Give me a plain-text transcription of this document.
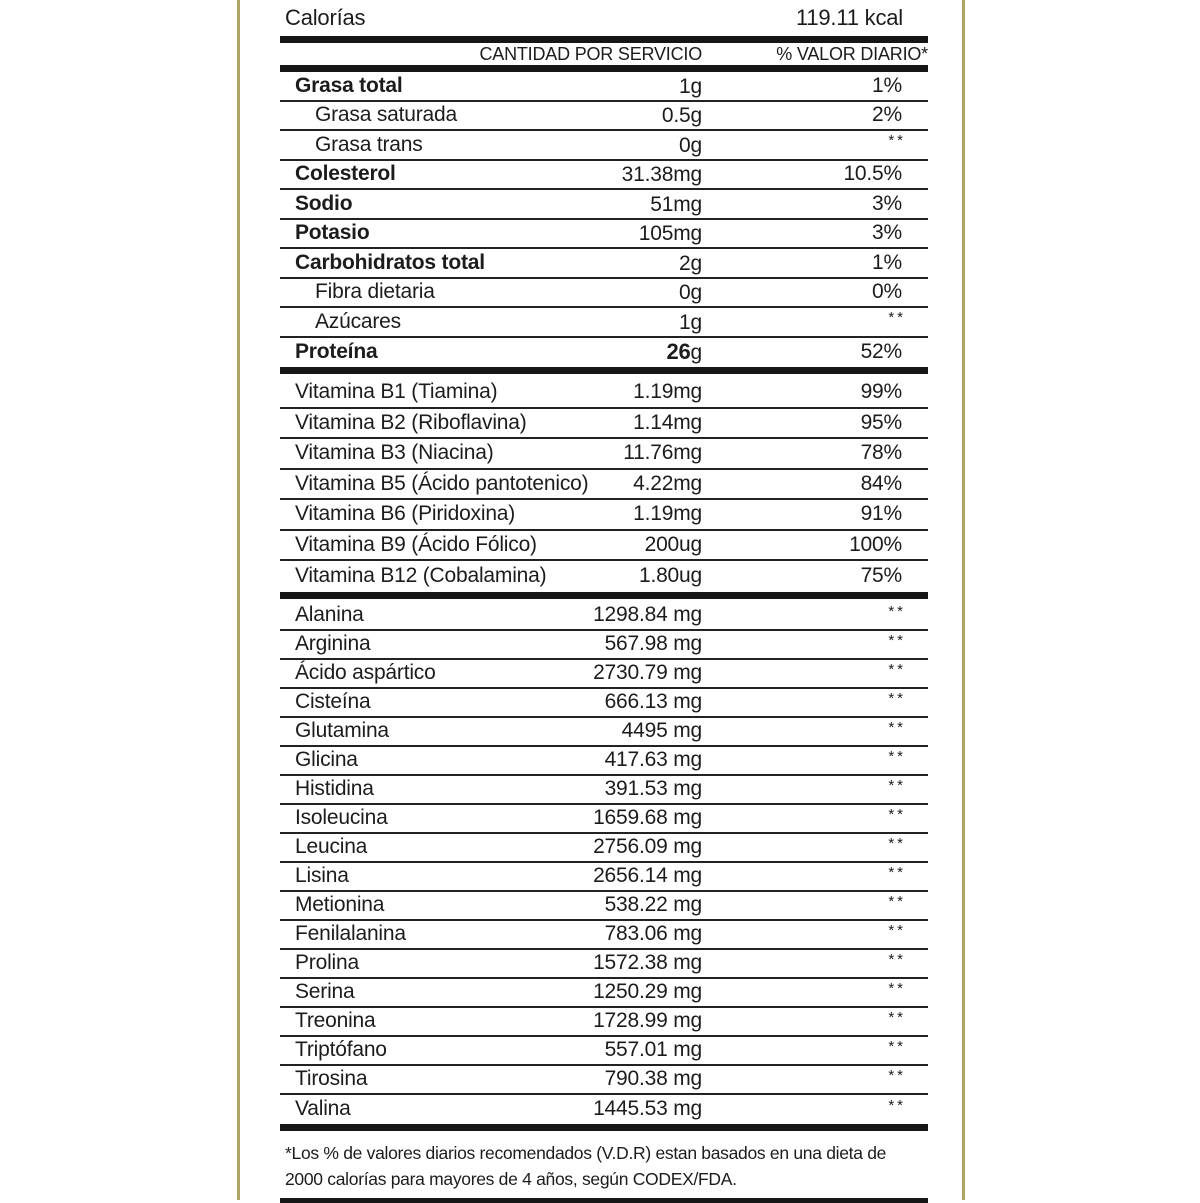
Calorías	119.11 kcal
CANTIDAD POR SERVICIO	% VALOR DIARIO*
Grasa total	1g	1%
Grasa saturada	0.5g	2%
Grasa trans	0g	**
Colesterol	31.38mg	10.5%
Sodio	51mg	3%
Potasio	105mg	3%
Carbohidratos total	2g	1%
Fibra dietaria	0g	0%
Azúcares	1g	**
Proteína	26g	52%
Vitamina B1 (Tiamina)	1.19mg	99%
Vitamina B2 (Riboflavina)	1.14mg	95%
Vitamina B3 (Niacina)	11.76mg	78%
Vitamina B5 (Ácido pantotenico)	4.22mg	84%
Vitamina B6 (Piridoxina)	1.19mg	91%
Vitamina B9 (Ácido Fólico)	200ug	100%
Vitamina B12 (Cobalamina)	1.80ug	75%
Alanina	1298.84 mg	**
Arginina	567.98 mg	**
Ácido aspártico	2730.79 mg	**
Cisteína	666.13 mg	**
Glutamina	4495 mg	**
Glicina	417.63 mg	**
Histidina	391.53 mg	**
Isoleucina	1659.68 mg	**
Leucina	2756.09 mg	**
Lisina	2656.14 mg	**
Metionina	538.22 mg	**
Fenilalanina	783.06 mg	**
Prolina	1572.38 mg	**
Serina	1250.29 mg	**
Treonina	1728.99 mg	**
Triptófano	557.01 mg	**
Tirosina	790.38 mg	**
Valina	1445.53 mg	**

*Los % de valores diarios recomendados (V.D.R) estan basados en una dieta de 2000 calorías para mayores de 4 años, según CODEX/FDA.
